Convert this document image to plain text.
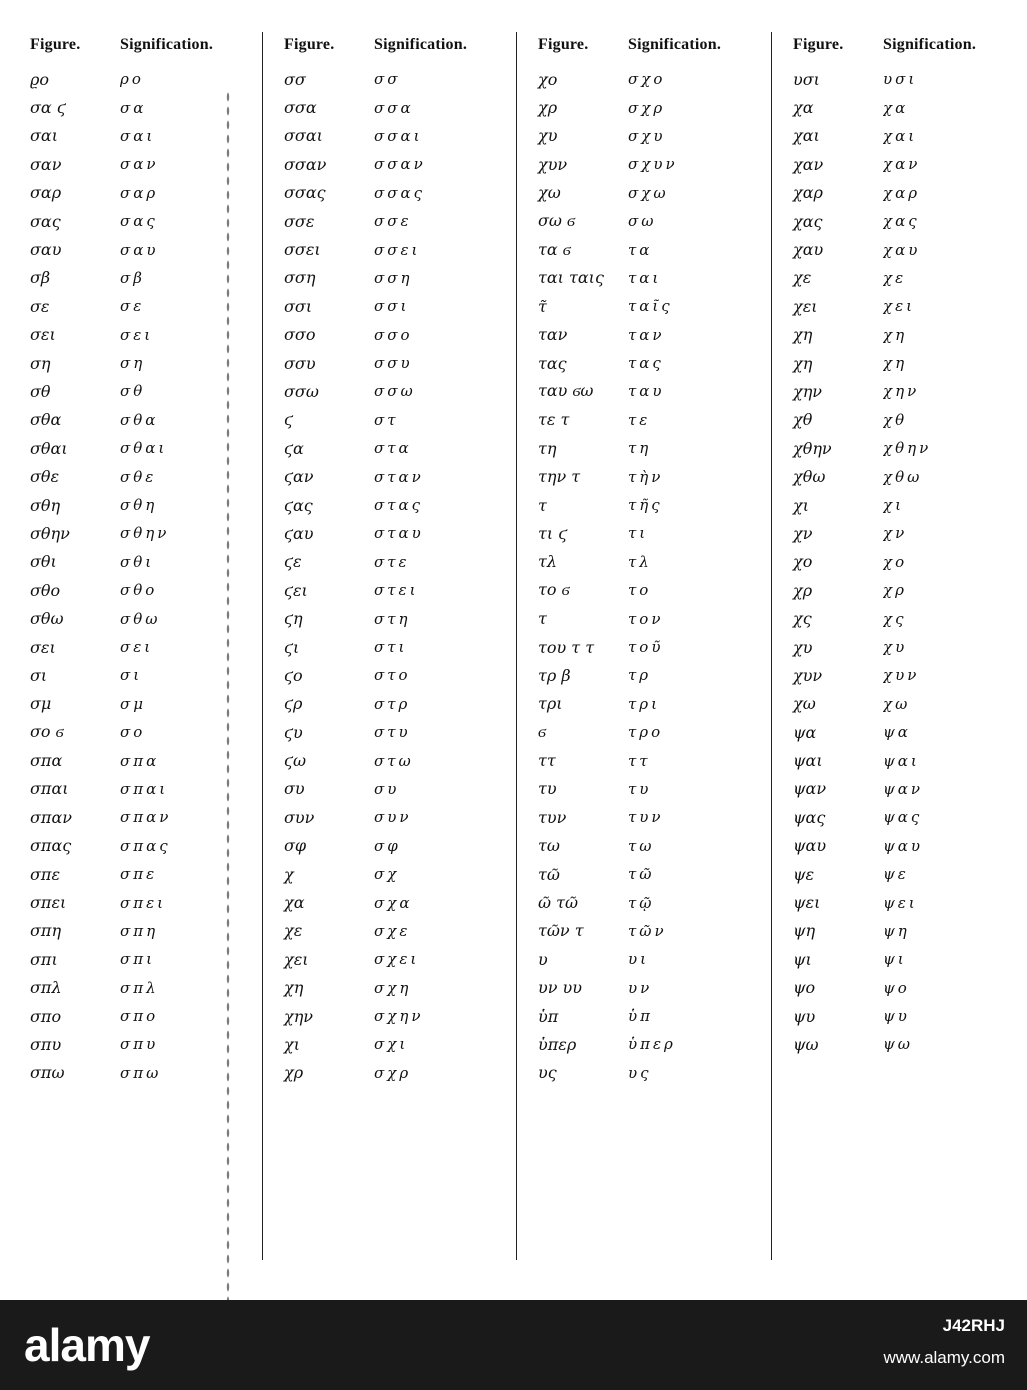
Figure.	Signification.
ϱo	ρο
σα ϛ	σα
σαι	σαι
σαν	σαν
σαρ	σαρ
σας	σας
σαυ	σαυ
σβ	σβ
σε	σε
σει	σει
ση	ση
σθ	σθ
σθα	σθα
σθαι	σθαι
σθε	σθε
σθη	σθη
σθην	σθην
σθι	σθι
σθο	σθο
σθω	σθω
σει	σει
σι	σι
σμ	σμ
σο ϭ	σο
σπα	σπα
σπαι	σπαι
σπαν	σπαν
σπας	σπας
σπε	σπε
σπει	σπει
σπη	σπη
σπι	σπι
σπλ	σπλ
σπο	σπο
σπυ	σπυ
σπω	σπω
Figure.	Signification.
σσ	σσ
σσα	σσα
σσαι	σσαι
σσαν	σσαν
σσας	σσας
σσε	σσε
σσει	σσει
σση	σση
σσι	σσι
σσο	σσο
σσυ	σσυ
σσω	σσω
ϛ	στ
ϛα	στα
ϛαν	σταν
ϛας	στας
ϛαυ	σταυ
ϛε	στε
ϛει	στει
ϛη	στη
ϛι	στι
ϛο	στο
ϛρ	στρ
ϛυ	στυ
ϛω	στω
συ	συ
συν	συν
σφ	σφ
χ	σχ
χα	σχα
χε	σχε
χει	σχει
χη	σχη
χην	σχην
χι	σχι
χρ	σχρ
Figure.	Signification.
χο	σχο
χρ	σχρ
χυ	σχυ
χυν	σχυν
χω	σχω
σω ϭ	σω
τα ϭ	τα
ται ταις	ται
τ̃	ταῖς
ταν	ταν
τας	τας
ταυ ϭω	ταυ
τε τ	τε
τη	τη
την τ	τὴν
τ	τῆς
τι ϛ	τι
τλ	τλ
το ϭ	το
τ	τον
του τ τ	τοῦ
τρ β	τρ
τρι	τρι
ϭ	τρο
ττ	ττ
τυ	τυ
τυν	τυν
τω	τω
τῶ	τῶ
ῶ τῶ	τῷ
τῶν τ	τῶν
υ	υι
υν υυ	υν
ὑπ	ὑπ
ὑπερ	ὑπερ
υς	υς
Figure.	Signification.
υσι	υσι
χα	χα
χαι	χαι
χαν	χαν
χαρ	χαρ
χας	χας
χαυ	χαυ
χε	χε
χει	χει
χη	χη
χη	χη
χην	χην
χθ	χθ
χθην	χθην
χθω	χθω
χι	χι
χν	χν
χο	χο
χρ	χρ
χς	χς
χυ	χυ
χυν	χυν
χω	χω
ψα	ψα
ψαι	ψαι
ψαν	ψαν
ψας	ψας
ψαυ	ψαυ
ψε	ψε
ψει	ψει
ψη	ψη
ψι	ψι
ψο	ψο
ψυ	ψυ
ψω	ψω
alamy	J42RHJ
www.alamy.com
